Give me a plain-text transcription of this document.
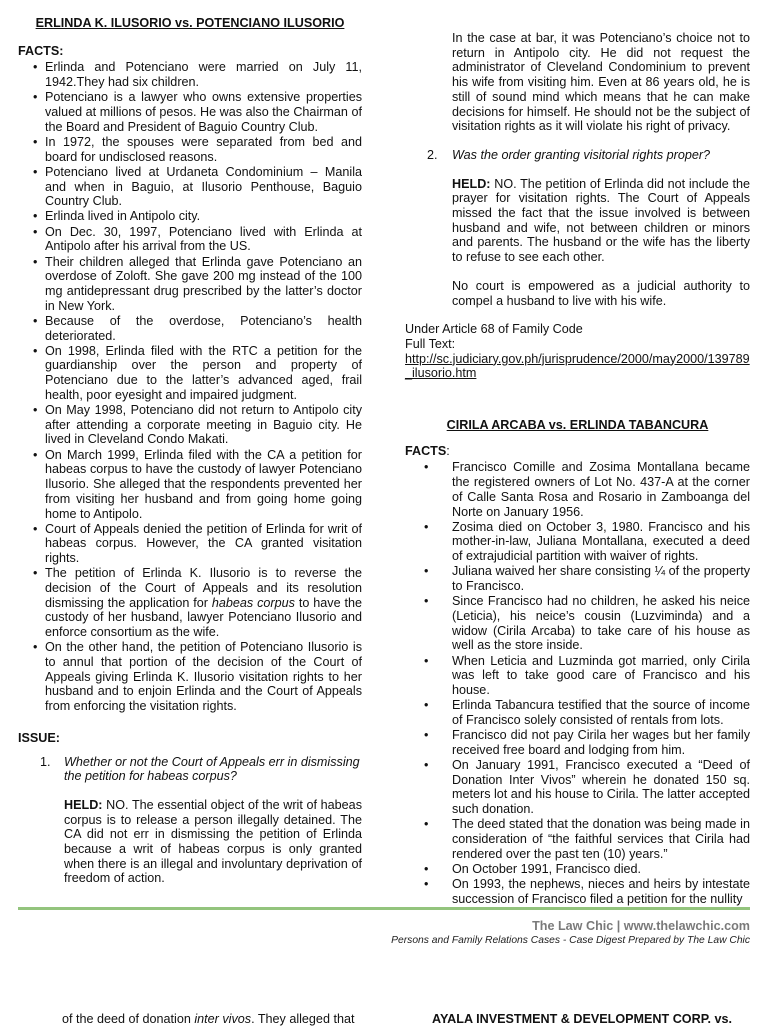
ERLINDA K. ILUSORIO vs. POTENCIANO ILUSORIO
FACTS:
• Erlinda and Potenciano were married on July 11, 1942.They had six children.
• Potenciano is a lawyer who owns extensive properties valued at millions of pesos. He was also the Chairman of the Board and President of Baguio Country Club.
• In 1972, the spouses were separated from bed and board for undisclosed reasons.
• Potenciano lived at Urdaneta Condominium – Manila and when in Baguio, at Ilusorio Penthouse, Baguio Country Club.
• Erlinda lived in Antipolo city.
• On Dec. 30, 1997, Potenciano lived with Erlinda at Antipolo after his arrival from the US.
• Their children alleged that Erlinda gave Potenciano an overdose of Zoloft. She gave 200 mg instead of the 100 mg antidepressant drug prescribed by the latter’s doctor in New York.
• Because of the overdose, Potenciano’s health deteriorated.
• On 1998, Erlinda filed with the RTC a petition for the guardianship over the person and property of Potenciano due to the latter’s advanced aged, frail health, poor eyesight and impaired judgment.
• On May 1998, Potenciano did not return to Antipolo city after attending a corporate meeting in Baguio city. He lived in Cleveland Condo Makati.
• On March 1999, Erlinda filed with the CA a petition for habeas corpus to have the custody of lawyer Potenciano Ilusorio. She alleged that the respondents prevented her from visiting her husband and from going home going home to Antipolo.
• Court of Appeals denied the petition of Erlinda for writ of habeas corpus. However, the CA granted visitation rights.
• The petition of Erlinda K. Ilusorio is to reverse the decision of the Court of Appeals and its resolution dismissing the application for habeas corpus to have the custody of her husband, lawyer Potenciano Ilusorio and enforce consortium as the wife.
• On the other hand, the petition of Potenciano Ilusorio is to annul that portion of the decision of the Court of Appeals giving Erlinda K. Ilusorio visitation rights to her husband and to enjoin Erlinda and the Court of Appeals from enforcing the visitation rights.
ISSUE:
1. Whether or not the Court of Appeals err in dismissing the petition for habeas corpus?

HELD: NO. The essential object of the writ of habeas corpus is to release a person illegally detained. The CA did not err in dismissing the petition of Erlinda because a writ of habeas corpus is only granted when there is an illegal and involuntary deprivation of freedom of action.

In the case at bar, it was Potenciano’s choice not to return in Antipolo city. He did not request the administrator of Cleveland Condominium to prevent his wife from visiting him. Even at 86 years old, he is still of sound mind which means that he can make decisions for himself. He should not be the subject of visitation rights as it will violate his right of privacy.

2. Was the order granting visitorial rights proper?

HELD: NO. The petition of Erlinda did not include the prayer for visitation rights. The Court of Appeals missed the fact that the issue involved is between husband and wife, not between children or minors and parents. The husband or the wife has the liberty to refuse to see each other.

No court is empowered as a judicial authority to compel a husband to live with his wife.

Under Article 68 of Family Code

Full Text:

http://sc.judiciary.gov.ph/jurisprudence/2000/may2000/139789_ilusorio.htm

CIRILA ARCABA vs. ERLINDA TABANCURA
FACTS:
• Francisco Comille and Zosima Montallana became the registered owners of Lot No. 437-A at the corner of Calle Santa Rosa and Rosario in Zamboanga del Norte on January 1956.
• Zosima died on October 3, 1980. Francisco and his mother-in-law, Juliana Montallana, executed a deed of extrajudicial partition with waiver of rights.
• Juliana waived her share consisting ¼ of the property to Francisco.
• Since Francisco had no children, he asked his neice (Leticia), his neice’s cousin (Luzviminda) and a widow (Cirila Arcaba) to take care of his house as well as the store inside.
• When Leticia and Luzminda got married, only Cirila was left to take good care of Francisco and his house.
• Erlinda Tabancura testified that the source of income of Francisco solely consisted of rentals from lots.
• Francisco did not pay Cirila her wages but her family received free board and lodging from him.
• On January 1991, Francisco executed a “Deed of Donation Inter Vivos” wherein he donated 150 sq. meters lot and his house to Cirila. The latter accepted such donation.
• The deed stated that the donation was being made in consideration of “the faithful services that Cirila had rendered over the past ten (10) years.”
• On October 1991, Francisco died.
• On 1993, the nephews, nieces and heirs by intestate succession of Francisco filed a petition for the nullity
The Law Chic | www.thelawchic.com
Persons and Family Relations Cases - Case Digest Prepared by The Law Chic
of the deed of donation inter vivos. They alleged that	AYALA INVESTMENT & DEVELOPMENT CORP. vs.
